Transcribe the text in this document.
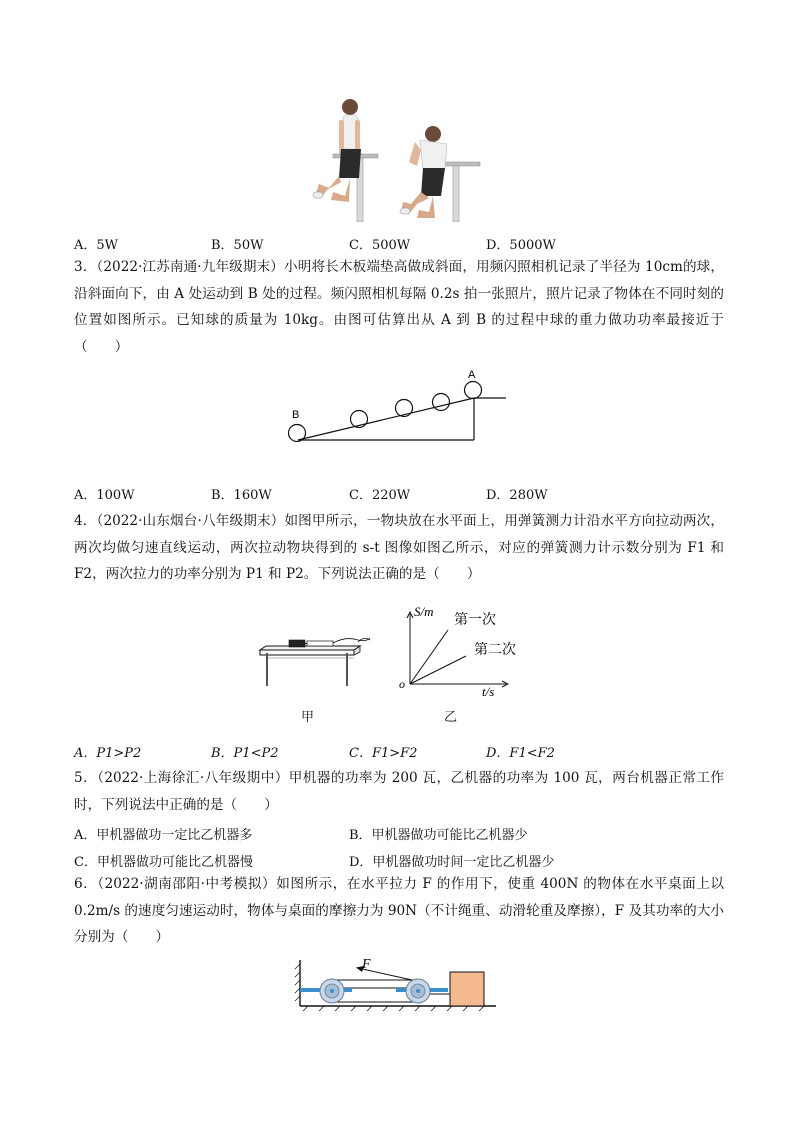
A．5W	B．50W	C．500W	D．5000W
3．（2022·江苏南通·九年级期末）小明将长木板端垫高做成斜面，用频闪照相机记录了半径为 10cm的球，沿斜面向下，由 A 处运动到 B 处的过程。频闪照相机每隔 0.2s 拍一张照片，照片记录了物体在不同时刻的位置如图所示。已知球的质量为 10kg。由图可估算出从 A 到 B 的过程中球的重力做功功率最接近于（　　）
A
B
A．100W	B．160W	C．220W	D．280W
4．（2022·山东烟台·八年级期末）如图甲所示，一物块放在水平面上，用弹簧测力计沿水平方向拉动两次，两次均做匀速直线运动，两次拉动物块得到的 s-t 图像如图乙所示，对应的弹簧测力计示数分别为 F1 和 F2，两次拉力的功率分别为 P1 和 P2。下列说法正确的是（　　）
S/m
t/s
o
第一次
第二次
甲	乙
A．P1>P2	B．P1<P2	C．F1>F2	D．F1<F2
5．（2022·上海徐汇·八年级期中）甲机器的功率为 200 瓦，乙机器的功率为 100 瓦，两台机器正常工作时，下列说法中正确的是（　　）
A．甲机器做功一定比乙机器多	B．甲机器做功可能比乙机器少
C．甲机器做功可能比乙机器慢	D．甲机器做功时间一定比乙机器少
6．（2022·湖南邵阳·中考模拟）如图所示，在水平拉力 F 的作用下，使重 400N 的物体在水平桌面上以 0.2m/s 的速度匀速运动时，物体与桌面的摩擦力为 90N（不计绳重、动滑轮重及摩擦），F 及其功率的大小分别为（　　）
F
